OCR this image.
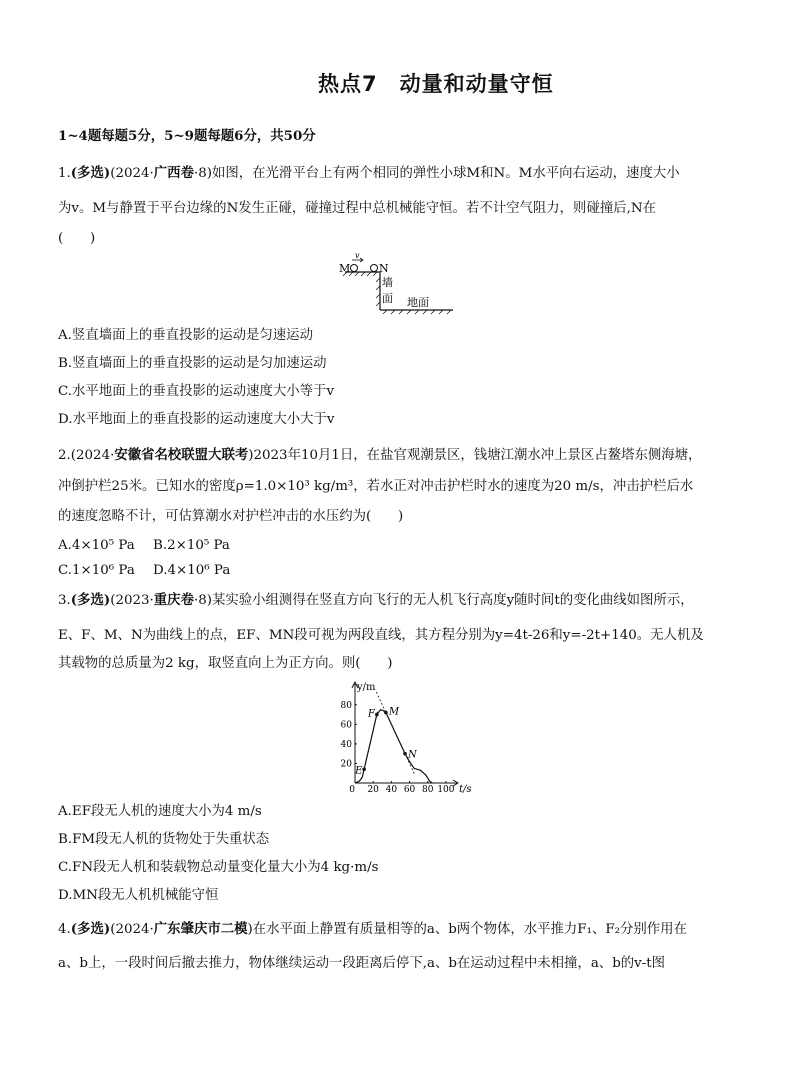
热点7　动量和动量守恒
1~4题每题5分，5~9题每题6分，共50分
1.(多选)(2024·广西卷·8)如图，在光滑平台上有两个相同的弹性小球M和N。M水平向右运动，速度大小
为v。M与静置于平台边缘的N发生正碰，碰撞过程中总机械能守恒。若不计空气阻力，则碰撞后,N在
(　　)
v
M	N
墙
面 地面
A.竖直墙面上的垂直投影的运动是匀速运动
B.竖直墙面上的垂直投影的运动是匀加速运动
C.水平地面上的垂直投影的运动速度大小等于v
D.水平地面上的垂直投影的运动速度大小大于v
2.(2024·安徽省名校联盟大联考)2023年10月1日，在盐官观潮景区，钱塘江潮水冲上景区占鳌塔东侧海塘，
冲倒护栏25米。已知水的密度ρ=1.0×10³ kg/m³，若水正对冲击护栏时水的速度为20 m/s，冲击护栏后水
的速度忽略不计，可估算潮水对护栏冲击的水压约为(　　)
A.4×10⁵ Pa B.2×10⁵ Pa
C.1×10⁶ Pa D.4×10⁶ Pa
3.(多选)(2023·重庆卷·8)某实验小组测得在竖直方向飞行的无人机飞行高度y随时间t的变化曲线如图所示，
E、F、M、N为曲线上的点，EF、MN段可视为两段直线，其方程分别为y=4t-26和y=-2t+140。无人机及
其载物的总质量为2 kg，取竖直向上为正方向。则(　　)
y/m
t/s
0 20 40 60 80 100
20
40
60
80
E
F M
N
A.EF段无人机的速度大小为4 m/s
B.FM段无人机的货物处于失重状态
C.FN段无人机和装载物总动量变化量大小为4 kg·m/s
D.MN段无人机机械能守恒
4.(多选)(2024·广东肇庆市二模)在水平面上静置有质量相等的a、b两个物体，水平推力F₁、F₂分别作用在
a、b上，一段时间后撤去推力，物体继续运动一段距离后停下,a、b在运动过程中未相撞，a、b的v-t图
